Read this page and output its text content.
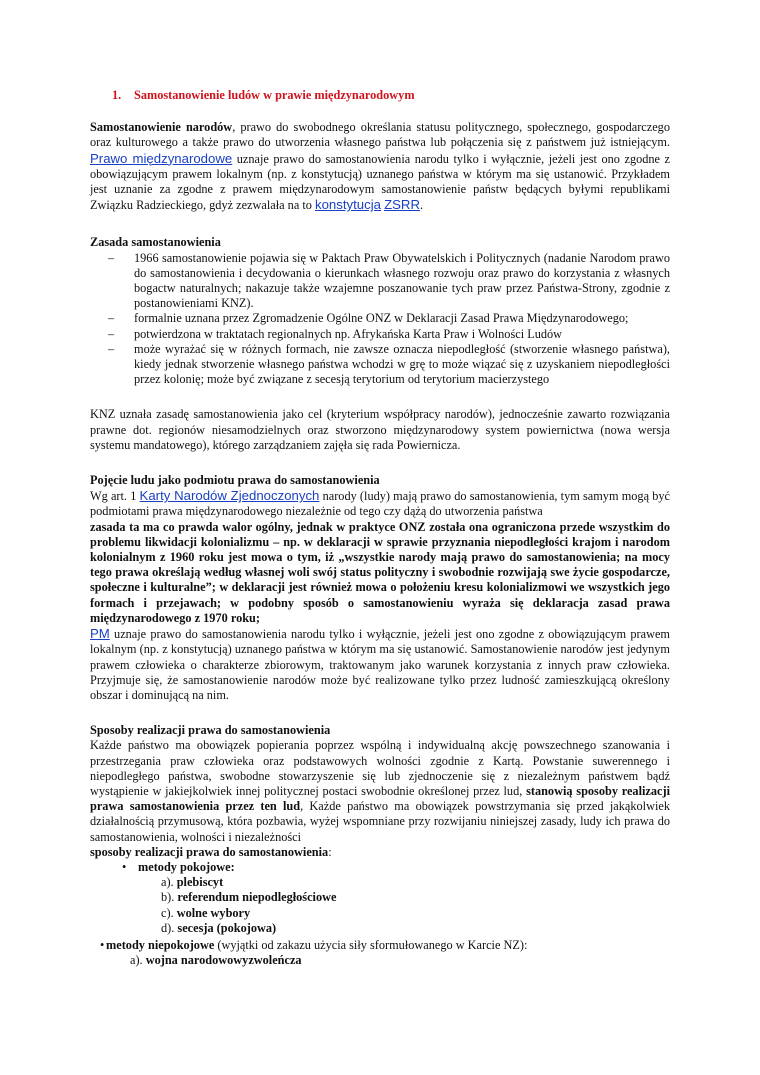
1. Samostanowienie ludów w prawie międzynarodowym

Samostanowienie narodów, prawo do swobodnego określania statusu politycznego, społecznego, gospodarczego oraz kulturowego a także prawo do utworzenia własnego państwa lub połączenia się z państwem już istniejącym. Prawo międzynarodowe uznaje prawo do samostanowienia narodu tylko i wyłącznie, jeżeli jest ono zgodne z obowiązującym prawem lokalnym (np. z konstytucją) uznanego państwa w którym ma się ustanowić. Przykładem jest uznanie za zgodne z prawem międzynarodowym samostanowienie państw będących byłymi republikami Związku Radzieckiego, gdyż zezwalała na to konstytucja ZSRR.

Zasada samostanowienia
– 1966 samostanowienie pojawia się w Paktach Praw Obywatelskich i Politycznych (nadanie Narodom prawo do samostanowienia i decydowania o kierunkach własnego rozwoju oraz prawo do korzystania z własnych bogactw naturalnych; nakazuje także wzajemne poszanowanie tych praw przez Państwa-Strony, zgodnie z postanowieniami KNZ).
– formalnie uznana przez Zgromadzenie Ogólne ONZ w Deklaracji Zasad Prawa Międzynarodowego;
– potwierdzona w traktatach regionalnych np. Afrykańska Karta Praw i Wolności Ludów
– może wyrażać się w różnych formach, nie zawsze oznacza niepodległość (stworzenie własnego państwa), kiedy jednak stworzenie własnego państwa wchodzi w grę to może wiązać się z uzyskaniem niepodległości przez kolonię; może być związane z secesją terytorium od terytorium macierzystego

KNZ uznała zasadę samostanowienia jako cel (kryterium współpracy narodów), jednocześnie zawarto rozwiązania prawne dot. regionów niesamodzielnych oraz stworzono międzynarodowy system powiernictwa (nowa wersja systemu mandatowego), którego zarządzaniem zajęła się rada Powiernicza.

Pojęcie ludu jako podmiotu prawa do samostanowienia

Wg art. 1 Karty Narodów Zjednoczonych narody (ludy) mają prawo do samostanowienia, tym samym mogą być podmiotami prawa międzynarodowego niezależnie od tego czy dążą do utworzenia państwa

zasada ta ma co prawda walor ogólny, jednak w praktyce ONZ została ona ograniczona przede wszystkim do problemu likwidacji kolonializmu – np. w deklaracji w sprawie przyznania niepodległości krajom i narodom kolonialnym z 1960 roku jest mowa o tym, iż „wszystkie narody mają prawo do samostanowienia; na mocy tego prawa określają według własnej woli swój status polityczny i swobodnie rozwijają swe życie gospodarcze, społeczne i kulturalne”; w deklaracji jest również mowa o położeniu kresu kolonializmowi we wszystkich jego formach i przejawach; w podobny sposób o samostanowieniu wyraża się deklaracja zasad prawa międzynarodowego z 1970 roku;

PM uznaje prawo do samostanowienia narodu tylko i wyłącznie, jeżeli jest ono zgodne z obowiązującym prawem lokalnym (np. z konstytucją) uznanego państwa w którym ma się ustanowić. Samostanowienie narodów jest jedynym prawem człowieka o charakterze zbiorowym, traktowanym jako warunek korzystania z innych praw człowieka. Przyjmuje się, że samostanowienie narodów może być realizowane tylko przez ludność zamieszkującą określony obszar i dominującą na nim.

Sposoby realizacji prawa do samostanowienia

Każde państwo ma obowiązek popierania poprzez wspólną i indywidualną akcję powszechnego szanowania i przestrzegania praw człowieka oraz podstawowych wolności zgodnie z Kartą. Powstanie suwerennego i niepodległego państwa, swobodne stowarzyszenie się lub zjednoczenie się z niezależnym państwem bądź wystąpienie w jakiejkolwiek innej politycznej postaci swobodnie określonej przez lud, stanowią sposoby realizacji prawa samostanowienia przez ten lud, Każde państwo ma obowiązek powstrzymania się przed jakąkolwiek działalnością przymusową, która pozbawia, wyżej wspomniane przy rozwijaniu niniejszej zasady, ludy ich prawa do samostanowienia, wolności i niezależności

sposoby realizacji prawa do samostanowienia:
• metody pokojowe:
a). plebiscyt
b). referendum niepodległościowe
c). wolne wybory
d). secesja (pokojowa)
• metody niepokojowe (wyjątki od zakazu użycia siły sformułowanego w Karcie NZ):
a). wojna narodowowyzwoleńcza
